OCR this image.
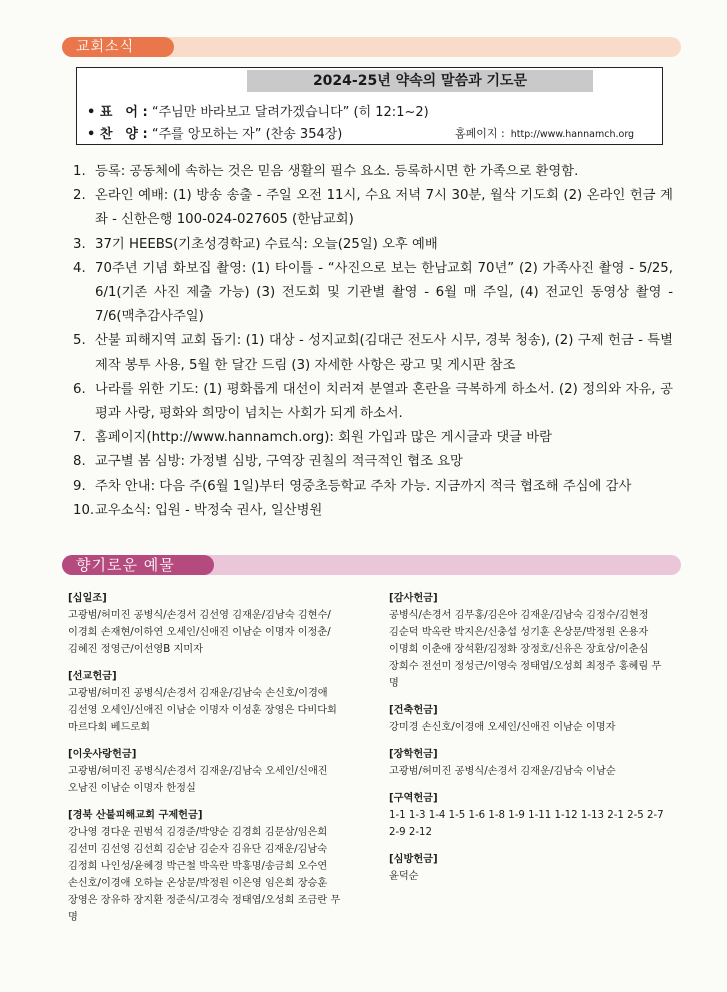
교회소식
2024-25년 약속의 말씀과 기도문
• 표　어 : “주님만 바라보고 달려가겠습니다” (히 12:1~2)
• 찬　양 : “주를 앙모하는 자” (찬송 354장)	홈페이지 : http://www.hannamch.org
1. 등록: 공동체에 속하는 것은 믿음 생활의 필수 요소. 등록하시면 한 가족으로 환영함.
2. 온라인 예배: (1) 방송 송출 - 주일 오전 11시, 수요 저녁 7시 30분, 월삭 기도회 (2) 온라인 헌금 계좌 - 신한은행 100-024-027605 (한남교회)
3. 37기 HEEBS(기초성경학교) 수료식: 오늘(25일) 오후 예배
4. 70주년 기념 화보집 촬영: (1) 타이틀 - “사진으로 보는 한남교회 70년” (2) 가족사진 촬영 - 5/25, 6/1(기존 사진 제출 가능) (3) 전도회 및 기관별 촬영 - 6월 매 주일, (4) 전교인 동영상 촬영 - 7/6(맥추감사주일)
5. 산불 피해지역 교회 돕기: (1) 대상 - 성지교회(김대근 전도사 시무, 경북 청송), (2) 구제 헌금 - 특별 제작 봉투 사용, 5월 한 달간 드림 (3) 자세한 사항은 광고 및 게시판 참조
6. 나라를 위한 기도: (1) 평화롭게 대선이 치러져 분열과 혼란을 극복하게 하소서. (2) 정의와 자유, 공평과 사랑, 평화와 희망이 넘치는 사회가 되게 하소서.
7. 홈페이지(http://www.hannamch.org): 회원 가입과 많은 게시글과 댓글 바람
8. 교구별 봄 심방: 가정별 심방, 구역장 권칠의 적극적인 협조 요망
9. 주차 안내: 다음 주(6월 1일)부터 영중초등학교 주차 가능. 지금까지 적극 협조해 주심에 감사
10. 교우소식: 입원 - 박정숙 권사, 일산병원
향기로운 예물
[십일조]
고광범/허미진 공병식/손경서 김선영 김재운/김남숙 김현수/이경희 손재현/이하연 오세인/신애진 이남순 이명자 이정춘/김혜진 정영근/이선영B 지미자
[선교헌금]
고광범/허미진 공병식/손경서 김재운/김남숙 손신호/이경애 김선영 오세인/신애진 이남순 이명자 이성훈 장영은 다비다회 마르다회 베드로회
[이웃사랑헌금]
고광범/허미진 공병식/손경서 김재운/김남숙 오세인/신애진 오남진 이남순 이명자 한정실
[경북 산불피해교회 구제헌금]
강나영 경다운 권범석 김경준/박양순 김경희 김문삼/임은희 김선미 김선영 김선희 김순남 김순자 김유단 김재운/김남숙 김정희 나인성/윤혜경 박근철 박옥란 박홍명/송금희 오수연 손신호/이경애 오하늘 온상문/박정원 이은영 임은희 장승훈 장영은 장유하 장지환 정준식/고경숙 정태엽/오성희 조금란 무　명
[감사헌금]
공병식/손경서 김무홍/김은아 김재운/김남숙 김정수/김현정 김순덕 박옥란 박지은/신충섭 성기훈 온상문/박정원 온용자 이명희 이춘애 장석환/김정화 장정호/신유은 장효상/이춘심 장희수 전선미 정성근/이영숙 정태엽/오성희 최정주 홍혜림 무　명
[건축헌금]
강미경 손신호/이경애 오세인/신애진 이남순 이명자
[장학헌금]
고광범/허미진 공병식/손경서 김재운/김남숙 이남순
[구역헌금]
1-1 1-3 1-4 1-5 1-6 1-8 1-9 1-11 1-12 1-13 2-1 2-5 2-7 2-9 2-12
[심방헌금]
윤덕순
